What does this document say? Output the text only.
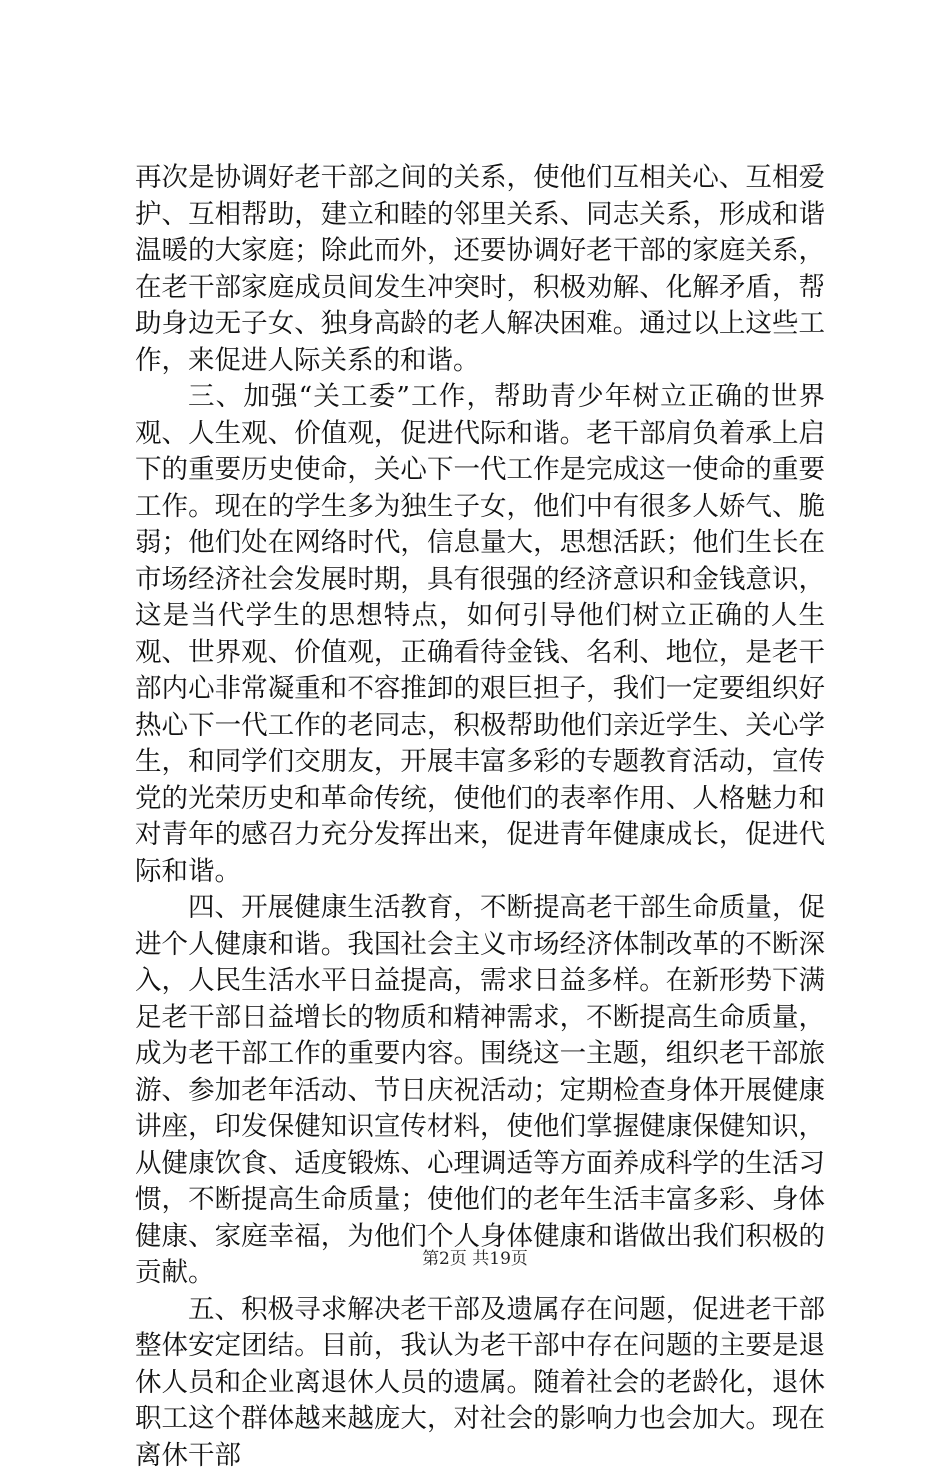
再次是协调好老干部之间的关系，使他们互相关心、互相爱护、互相帮助，建立和睦的邻里关系、同志关系，形成和谐温暖的大家庭；除此而外，还要协调好老干部的家庭关系，在老干部家庭成员间发生冲突时，积极劝解、化解矛盾，帮助身边无子女、独身高龄的老人解决困难。通过以上这些工作，来促进人际关系的和谐。

三、加强“关工委”工作，帮助青少年树立正确的世界观、人生观、价值观，促进代际和谐。老干部肩负着承上启下的重要历史使命，关心下一代工作是完成这一使命的重要工作。现在的学生多为独生子女，他们中有很多人娇气、脆弱；他们处在网络时代，信息量大，思想活跃；他们生长在市场经济社会发展时期，具有很强的经济意识和金钱意识，这是当代学生的思想特点，如何引导他们树立正确的人生观、世界观、价值观，正确看待金钱、名利、地位，是老干部内心非常凝重和不容推卸的艰巨担子，我们一定要组织好热心下一代工作的老同志，积极帮助他们亲近学生、关心学生，和同学们交朋友，开展丰富多彩的专题教育活动，宣传党的光荣历史和革命传统，使他们的表率作用、人格魅力和对青年的感召力充分发挥出来，促进青年健康成长，促进代际和谐。

四、开展健康生活教育，不断提高老干部生命质量，促进个人健康和谐。我国社会主义市场经济体制改革的不断深入，人民生活水平日益提高，需求日益多样。在新形势下满足老干部日益增长的物质和精神需求，不断提高生命质量，成为老干部工作的重要内容。围绕这一主题，组织老干部旅游、参加老年活动、节日庆祝活动；定期检查身体开展健康讲座，印发保健知识宣传材料，使他们掌握健康保健知识，从健康饮食、适度锻炼、心理调适等方面养成科学的生活习惯，不断提高生命质量；使他们的老年生活丰富多彩、身体健康、家庭幸福，为他们个人身体健康和谐做出我们积极的贡献。

五、积极寻求解决老干部及遗属存在问题，促进老干部整体安定团结。目前，我认为老干部中存在问题的主要是退休人员和企业离退休人员的遗属。随着社会的老龄化，退休职工这个群体越来越庞大，对社会的影响力也会加大。现在离休干部

第2页 共19页
